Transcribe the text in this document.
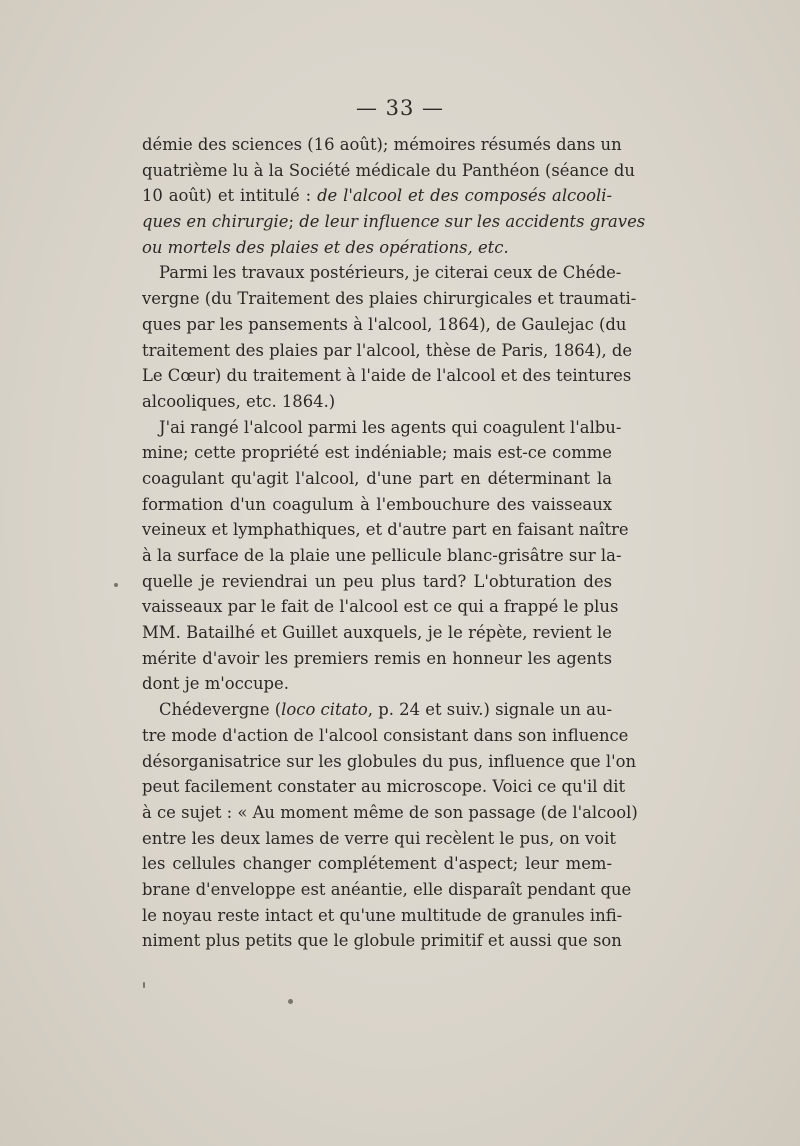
— 33 —
démie des sciences (16 août); mémoires résumés dans un
quatrième lu à la Société médicale du Panthéon (séance du
10 août) et intitulé : de l'alcool et des composés alcooli-
ques en chirurgie; de leur influence sur les accidents graves
ou mortels des plaies et des opérations, etc.
Parmi les travaux postérieurs, je citerai ceux de Chéde-
vergne (du Traitement des plaies chirurgicales et traumati-
ques par les pansements à l'alcool, 1864), de Gaulejac (du
traitement des plaies par l'alcool, thèse de Paris, 1864), de
Le Cœur) du traitement à l'aide de l'alcool et des teintures
alcooliques, etc. 1864.)
J'ai rangé l'alcool parmi les agents qui coagulent l'albu-
mine; cette propriété est indéniable; mais est-ce comme
coagulant qu'agit l'alcool, d'une part en déterminant la
formation d'un coagulum à l'embouchure des vaisseaux
veineux et lymphathiques, et d'autre part en faisant naître
à la surface de la plaie une pellicule blanc-grisâtre sur la-
quelle je reviendrai un peu plus tard? L'obturation des
vaisseaux par le fait de l'alcool est ce qui a frappé le plus
MM. Batailhé et Guillet auxquels, je le répète, revient le
mérite d'avoir les premiers remis en honneur les agents
dont je m'occupe.
Chédevergne (loco citato, p. 24 et suiv.) signale un au-
tre mode d'action de l'alcool consistant dans son influence
désorganisatrice sur les globules du pus, influence que l'on
peut facilement constater au microscope. Voici ce qu'il dit
à ce sujet : « Au moment même de son passage (de l'alcool)
entre les deux lames de verre qui recèlent le pus, on voit
les cellules changer complétement d'aspect; leur mem-
brane d'enveloppe est anéantie, elle disparaît pendant que
le noyau reste intact et qu'une multitude de granules infi-
niment plus petits que le globule primitif et aussi que son
